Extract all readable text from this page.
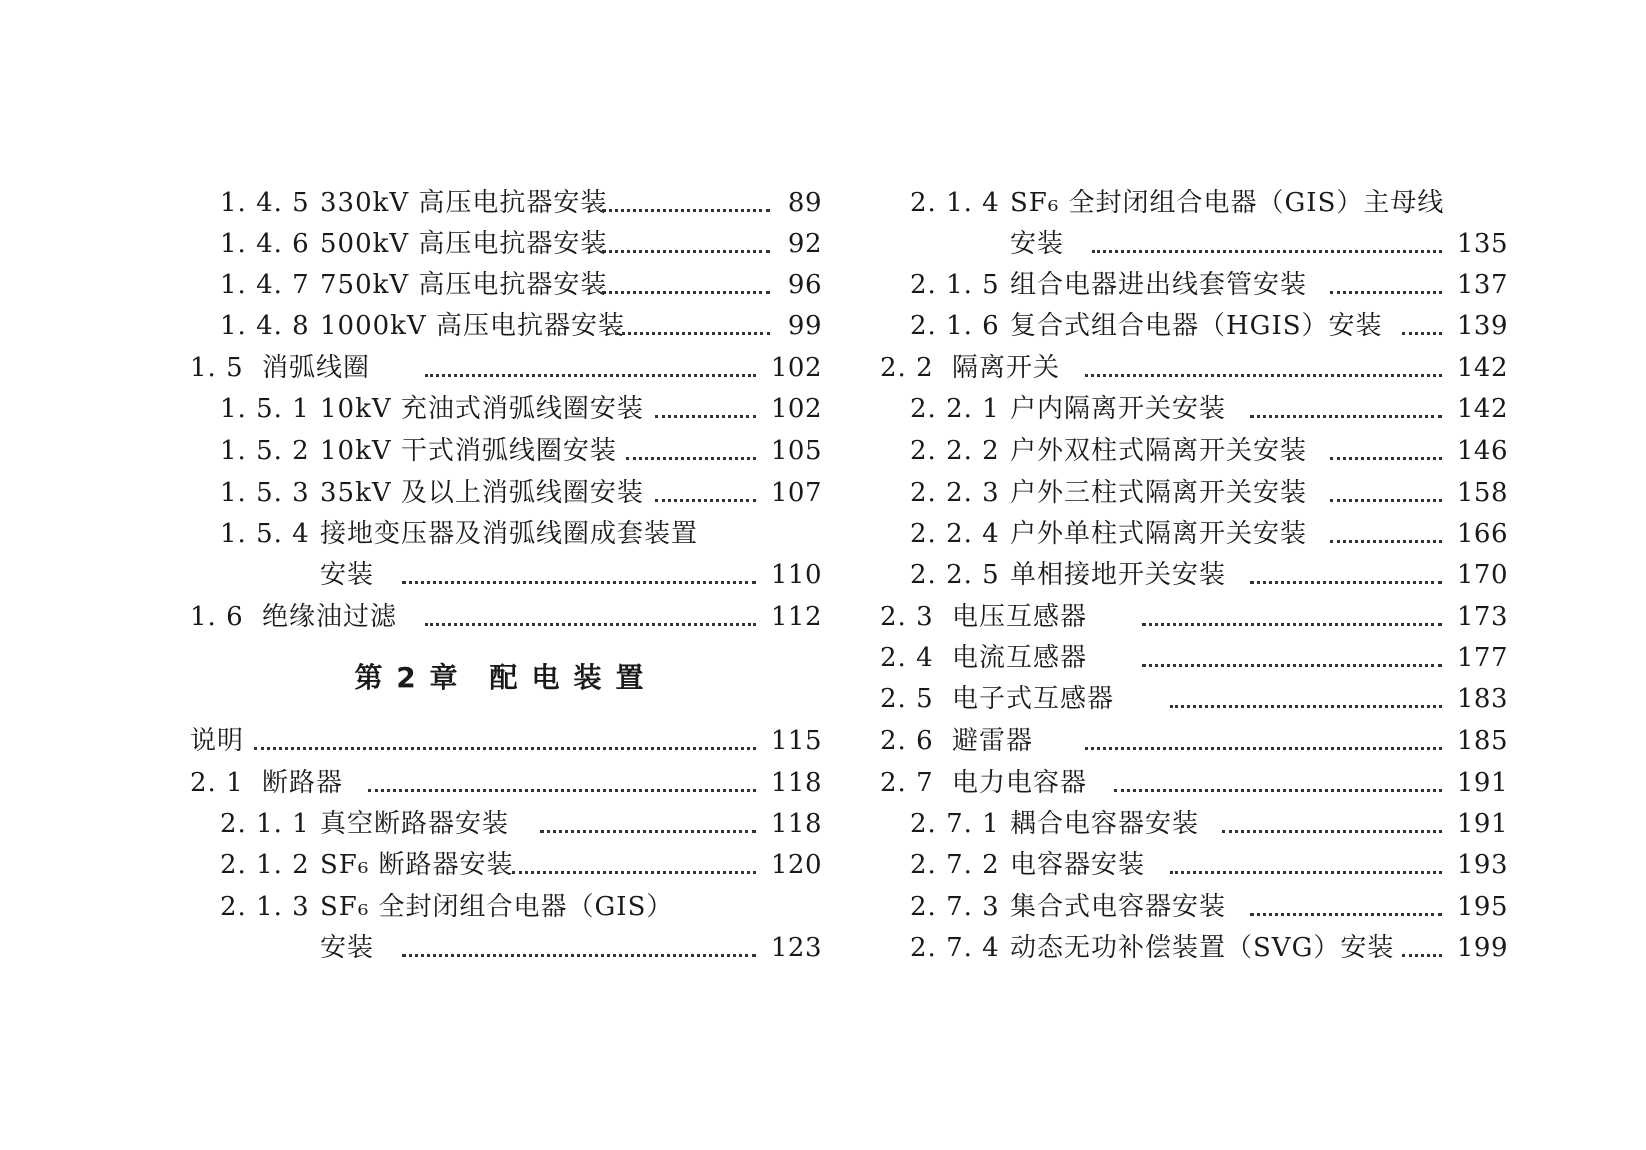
1. 4. 5 330kV 高压电抗器安装	89
1. 4. 6 500kV 高压电抗器安装	92
1. 4. 7 750kV 高压电抗器安装	96
1. 4. 8 1000kV 高压电抗器安装	99
1. 5 消弧线圈	102
1. 5. 1 10kV 充油式消弧线圈安装	102
1. 5. 2 10kV 干式消弧线圈安装	105
1. 5. 3 35kV 及以上消弧线圈安装	107
1. 5. 4 接地变压器及消弧线圈成套装置
安装	110
1. 6 绝缘油过滤	112
第 2 章 配电装置
说明	115
2. 1 断路器	118
2. 1. 1 真空断路器安装	118
2. 1. 2 SF₆ 断路器安装	120
2. 1. 3 SF₆ 全封闭组合电器（GIS）
安装	123
2. 1. 4 SF₆ 全封闭组合电器（GIS）主母线
安装	135
2. 1. 5 组合电器进出线套管安装	137
2. 1. 6 复合式组合电器（HGIS）安装	139
2. 2 隔离开关	142
2. 2. 1 户内隔离开关安装	142
2. 2. 2 户外双柱式隔离开关安装	146
2. 2. 3 户外三柱式隔离开关安装	158
2. 2. 4 户外单柱式隔离开关安装	166
2. 2. 5 单相接地开关安装	170
2. 3 电压互感器	173
2. 4 电流互感器	177
2. 5 电子式互感器	183
2. 6 避雷器	185
2. 7 电力电容器	191
2. 7. 1 耦合电容器安装	191
2. 7. 2 电容器安装	193
2. 7. 3 集合式电容器安装	195
2. 7. 4 动态无功补偿装置（SVG）安装 199
